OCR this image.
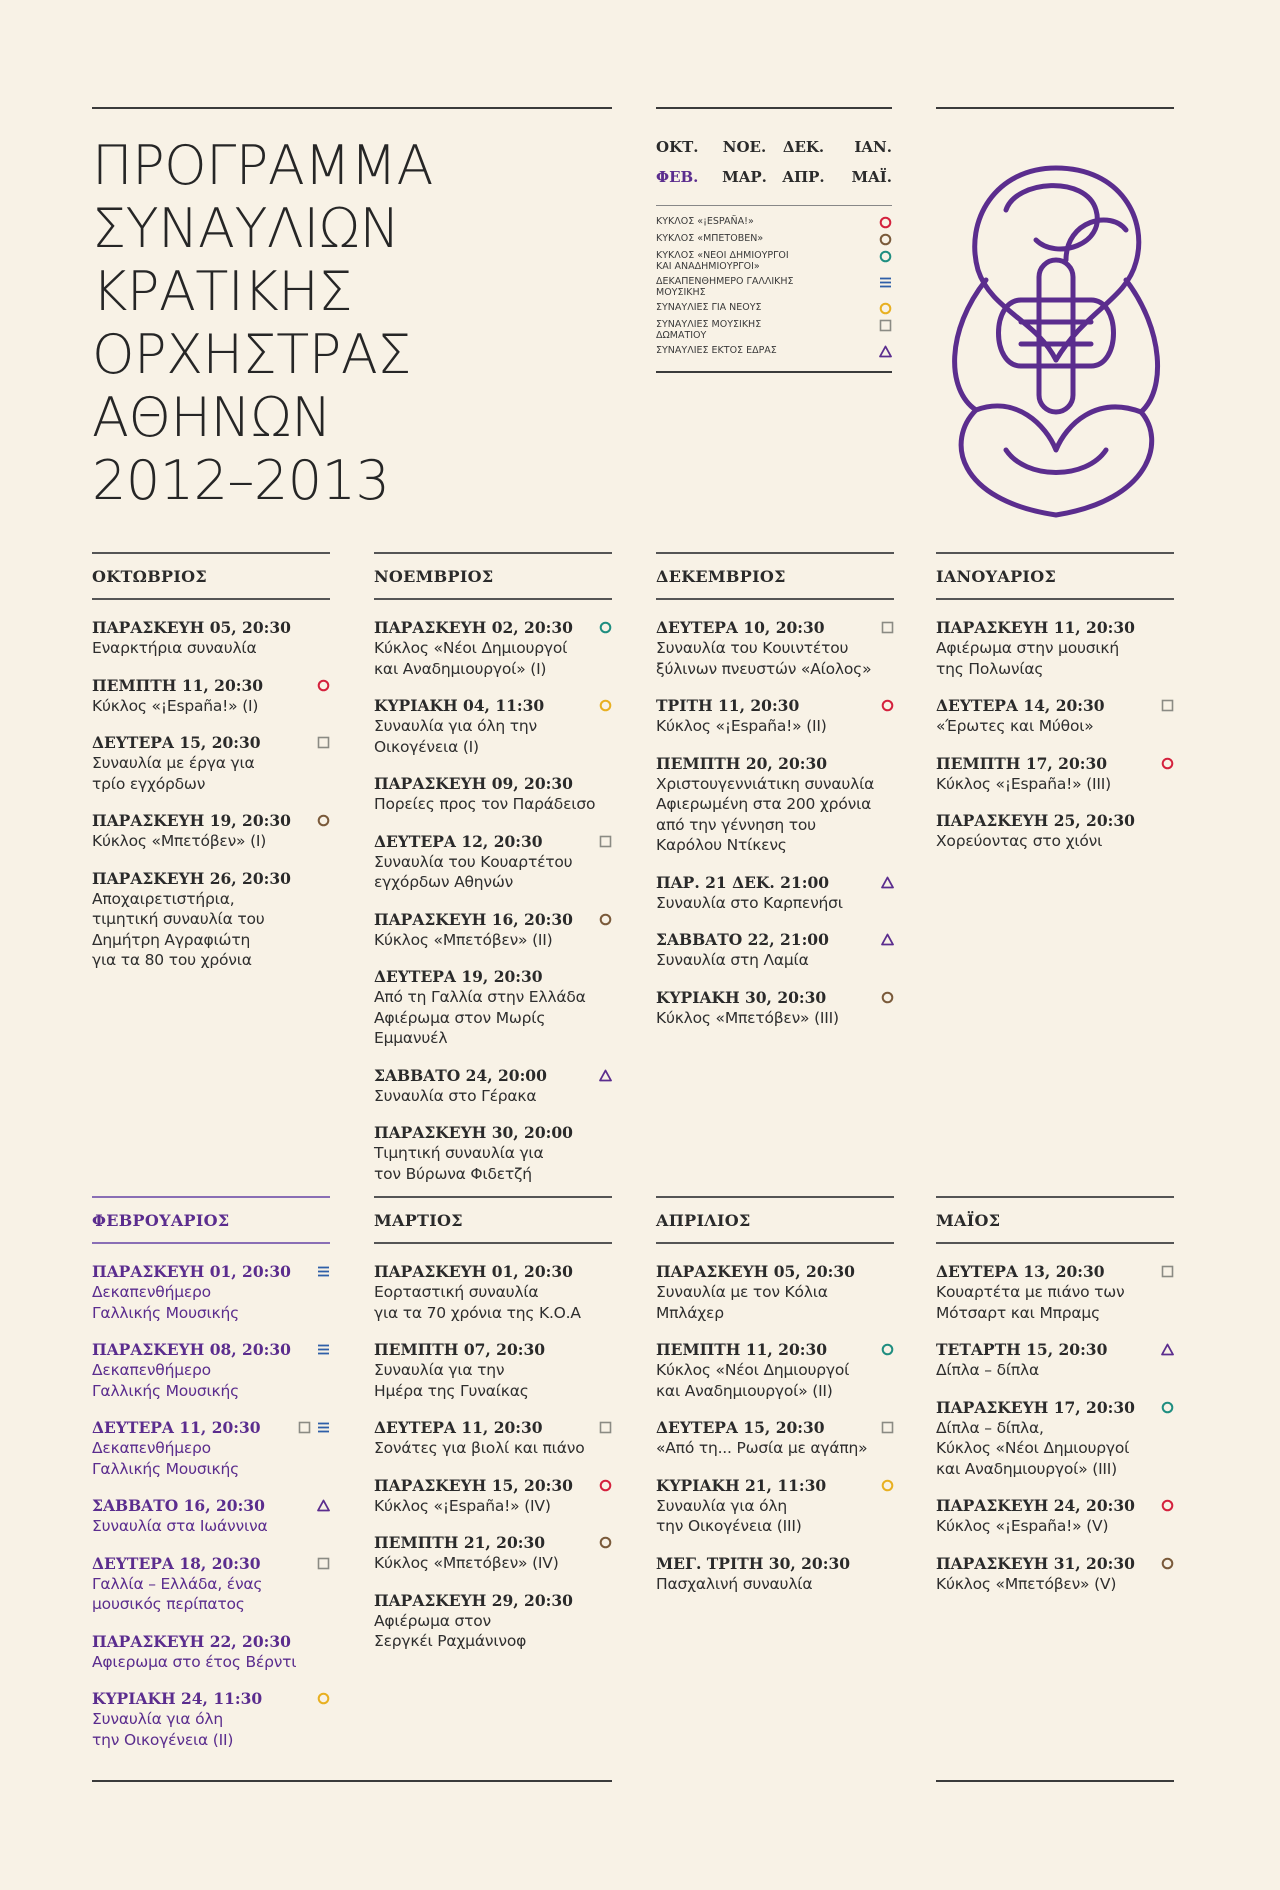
ΠΡΟΓΡΑΜΜΑ
ΣΥΝΑΥΛΙΩΝ
ΚΡΑΤΙΚΗΣ
ΟΡΧΗΣΤΡΑΣ
ΑΘΗΝΩΝ
2012–2013
ΟΚΤ.	ΝΟΕ.	ΔΕΚ.	ΙΑΝ.
ΦΕΒ.	ΜΑΡ.	ΑΠΡ.	ΜΑΪ.
ΚΥΚΛΟΣ «¡ESPAÑA!»
ΚΥΚΛΟΣ «ΜΠΕΤΟΒΕΝ»
ΚΥΚΛΟΣ «ΝΕΟΙ ΔΗΜΙΟΥΡΓΟΙ ΚΑΙ ΑΝΑΔΗΜΙΟΥΡΓΟΙ»
ΔΕΚΑΠΕΝΘΗΜΕΡΟ ΓΑΛΛΙΚΗΣ ΜΟΥΣΙΚΗΣ
ΣΥΝΑΥΛΙΕΣ ΓΙΑ ΝΕΟΥΣ
ΣΥΝΑΥΛΙΕΣ ΜΟΥΣΙΚΗΣ ΔΩΜΑΤΙΟΥ
ΣΥΝΑΥΛΙΕΣ ΕΚΤΟΣ ΕΔΡΑΣ
ΟΚΤΩΒΡΙΟΣ
ΠΑΡΑΣΚΕΥΗ 05, 20:30
Εναρκτήρια συναυλία
ΠΕΜΠΤΗ 11, 20:30
Κύκλος «¡España!» (I)
ΔΕΥΤΕΡΑ 15, 20:30
Συναυλία με έργα για
τρίο εγχόρδων
ΠΑΡΑΣΚΕΥΗ 19, 20:30
Κύκλος «Μπετόβεν» (I)
ΠΑΡΑΣΚΕΥΗ 26, 20:30
Αποχαιρετιστήρια,
τιμητική συναυλία του
Δημήτρη Αγραφιώτη
για τα 80 του χρόνια
ΝΟΕΜΒΡΙΟΣ
ΠΑΡΑΣΚΕΥΗ 02, 20:30
Κύκλος «Νέοι Δημιουργοί
και Αναδημιουργοί» (I)
ΚΥΡΙΑΚΗ 04, 11:30
Συναυλία για όλη την
Οικογένεια (I)
ΠΑΡΑΣΚΕΥΗ 09, 20:30
Πορείες προς τον Παράδεισο
ΔΕΥΤΕΡΑ 12, 20:30
Συναυλία του Κουαρτέτου
εγχόρδων Αθηνών
ΠΑΡΑΣΚΕΥΗ 16, 20:30
Κύκλος «Μπετόβεν» (II)
ΔΕΥΤΕΡΑ 19, 20:30
Από τη Γαλλία στην Ελλάδα
Αφιέρωμα στον Μωρίς Εμμανυέλ
ΣΑΒΒΑΤΟ 24, 20:00
Συναυλία στο Γέρακα
ΠΑΡΑΣΚΕΥΗ 30, 20:00
Τιμητική συναυλία για
τον Βύρωνα Φιδετζή
ΔΕΚΕΜΒΡΙΟΣ
ΔΕΥΤΕΡΑ 10, 20:30
Συναυλία του Κουιντέτου
ξύλινων πνευστών «Αίολος»
ΤΡΙΤΗ 11, 20:30
Κύκλος «¡España!» (II)
ΠΕΜΠΤΗ 20, 20:30
Χριστουγεννιάτικη συναυλία
Αφιερωμένη στα 200 χρόνια
από την γέννηση του
Καρόλου Ντίκενς
ΠΑΡ. 21 ΔΕΚ. 21:00
Συναυλία στο Καρπενήσι
ΣΑΒΒΑΤΟ 22, 21:00
Συναυλία στη Λαμία
ΚΥΡΙΑΚΗ 30, 20:30
Κύκλος «Μπετόβεν» (III)
ΙΑΝΟΥΑΡΙΟΣ
ΠΑΡΑΣΚΕΥΗ 11, 20:30
Αφιέρωμα στην μουσική
της Πολωνίας
ΔΕΥΤΕΡΑ 14, 20:30
«Έρωτες και Μύθοι»
ΠΕΜΠΤΗ 17, 20:30
Κύκλος «¡España!» (III)
ΠΑΡΑΣΚΕΥΗ 25, 20:30
Χορεύοντας στο χιόνι
ΦΕΒΡΟΥΑΡΙΟΣ
ΠΑΡΑΣΚΕΥΗ 01, 20:30
Δεκαπενθήμερο
Γαλλικής Μουσικής
ΠΑΡΑΣΚΕΥΗ 08, 20:30
Δεκαπενθήμερο
Γαλλικής Μουσικής
ΔΕΥΤΕΡΑ 11, 20:30
Δεκαπενθήμερο
Γαλλικής Μουσικής
ΣΑΒΒΑΤΟ 16, 20:30
Συναυλία στα Ιωάννινα
ΔΕΥΤΕΡΑ 18, 20:30
Γαλλία – Ελλάδα, ένας
μουσικός περίπατος
ΠΑΡΑΣΚΕΥΗ 22, 20:30
Αφιερωμα στο έτος Βέρντι
ΚΥΡΙΑΚΗ 24, 11:30
Συναυλία για όλη
την Οικογένεια (II)
ΜΑΡΤΙΟΣ
ΠΑΡΑΣΚΕΥΗ 01, 20:30
Εορταστική συναυλία
για τα 70 χρόνια της Κ.Ο.Α
ΠΕΜΠΤΗ 07, 20:30
Συναυλία για την
Ημέρα της Γυναίκας
ΔΕΥΤΕΡΑ 11, 20:30
Σονάτες για βιολί και πιάνο
ΠΑΡΑΣΚΕΥΗ 15, 20:30
Κύκλος «¡España!» (IV)
ΠΕΜΠΤΗ 21, 20:30
Κύκλος «Μπετόβεν» (IV)
ΠΑΡΑΣΚΕΥΗ 29, 20:30
Αφιέρωμα στον
Σεργκέι Ραχμάνινοφ
ΑΠΡΙΛΙΟΣ
ΠΑΡΑΣΚΕΥΗ 05, 20:30
Συναυλία με τον Κόλια Μπλάχερ
ΠΕΜΠΤΗ 11, 20:30
Κύκλος «Νέοι Δημιουργοί
και Αναδημιουργοί» (II)
ΔΕΥΤΕΡΑ 15, 20:30
«Από τη... Ρωσία με αγάπη»
ΚΥΡΙΑΚΗ 21, 11:30
Συναυλία για όλη
την Οικογένεια (III)
ΜΕΓ. ΤΡΙΤΗ 30, 20:30
Πασχαλινή συναυλία
ΜΑΪΟΣ
ΔΕΥΤΕΡΑ 13, 20:30
Κουαρτέτα με πιάνο των
Μότσαρτ και Μπραμς
ΤΕΤΑΡΤΗ 15, 20:30
Δίπλα – δίπλα
ΠΑΡΑΣΚΕΥΗ 17, 20:30
Δίπλα – δίπλα,
Κύκλος «Νέοι Δημιουργοί
και Αναδημιουργοί» (III)
ΠΑΡΑΣΚΕΥΗ 24, 20:30
Κύκλος «¡España!» (V)
ΠΑΡΑΣΚΕΥΗ 31, 20:30
Κύκλος «Μπετόβεν» (V)
